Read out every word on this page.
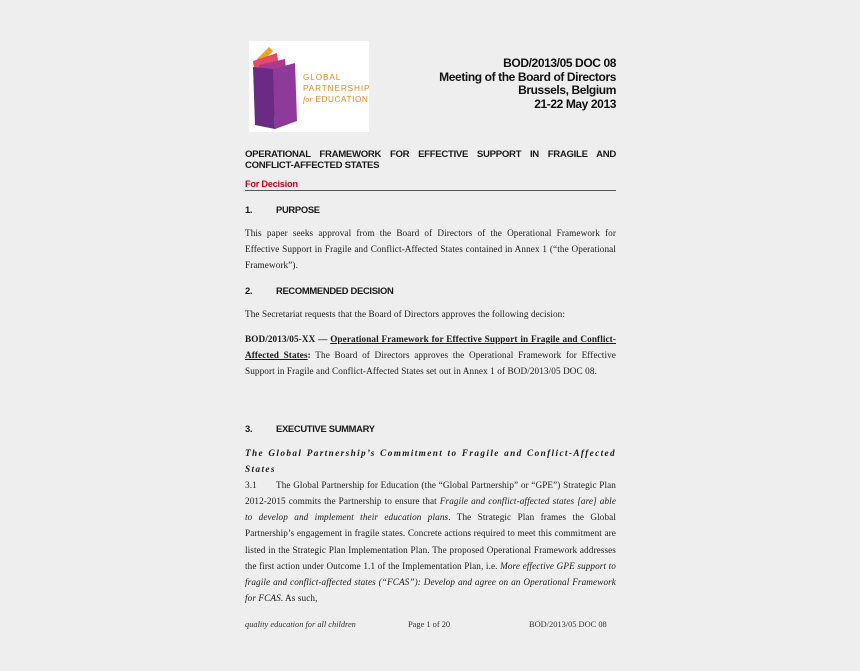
GLOBAL
PARTNERSHIP
for EDUCATION
BOD/2013/05 DOC 08
Meeting of the Board of Directors
Brussels, Belgium
21-22 May 2013
OPERATIONAL FRAMEWORK FOR EFFECTIVE SUPPORT IN FRAGILE AND CONFLICT-AFFECTED STATES
For Decision
1.	PURPOSE
This paper seeks approval from the Board of Directors of the Operational Framework for Effective Support in Fragile and Conflict-Affected States contained in Annex 1 (“the Operational Framework”).
2.	RECOMMENDED DECISION
The Secretariat requests that the Board of Directors approves the following decision:
BOD/2013/05-XX — Operational Framework for Effective Support in Fragile and Conflict-Affected States: The Board of Directors approves the Operational Framework for Effective Support in Fragile and Conflict-Affected States set out in Annex 1 of BOD/2013/05 DOC 08.
3.	EXECUTIVE SUMMARY
The Global Partnership’s Commitment to Fragile and Conflict-Affected States
3.1 The Global Partnership for Education (the “Global Partnership” or “GPE”) Strategic Plan 2012-2015 commits the Partnership to ensure that Fragile and conflict-affected states [are] able to develop and implement their education plans. The Strategic Plan frames the Global Partnership’s engagement in fragile states. Concrete actions required to meet this commitment are listed in the Strategic Plan Implementation Plan. The proposed Operational Framework addresses the first action under Outcome 1.1 of the Implementation Plan, i.e. More effective GPE support to fragile and conflict-affected states (“FCAS”): Develop and agree on an Operational Framework for FCAS. As such,
quality education for all children	Page 1 of 20	BOD/2013/05 DOC 08
